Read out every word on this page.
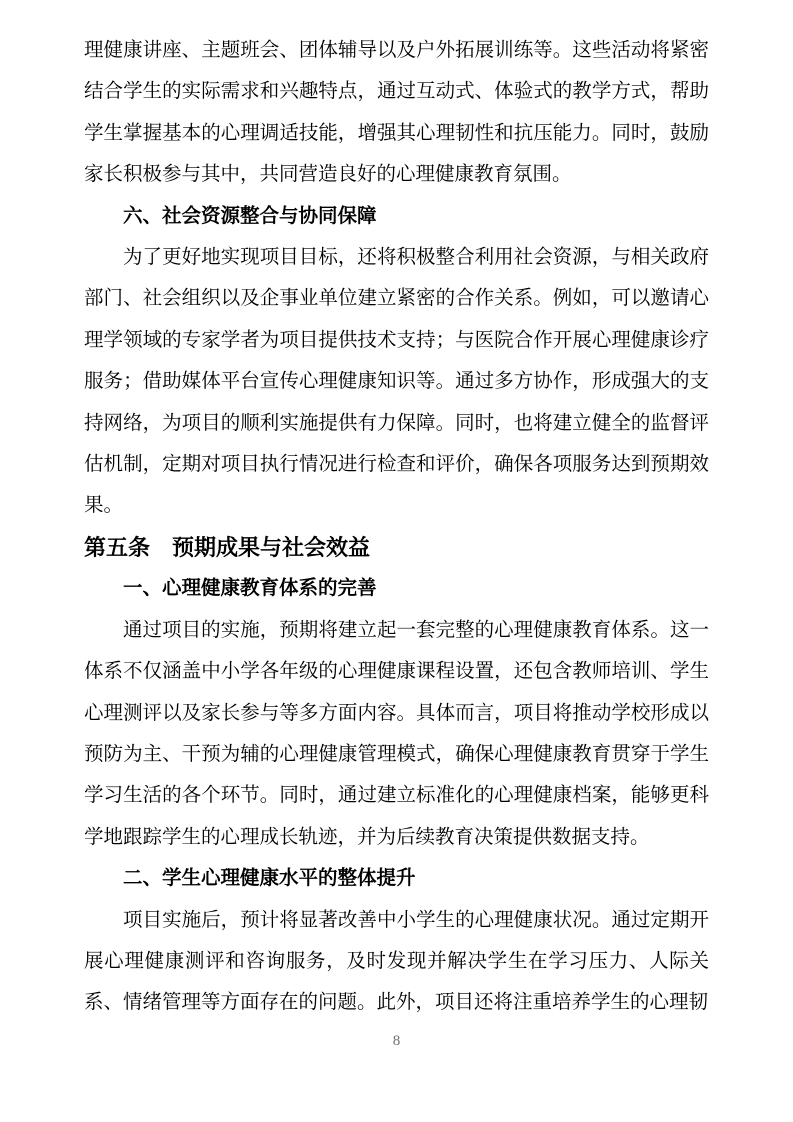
理健康讲座、主题班会、团体辅导以及户外拓展训练等。这些活动将紧密结合学生的实际需求和兴趣特点，通过互动式、体验式的教学方式，帮助学生掌握基本的心理调适技能，增强其心理韧性和抗压能力。同时，鼓励家长积极参与其中，共同营造良好的心理健康教育氛围。

六、社会资源整合与协同保障

为了更好地实现项目目标，还将积极整合利用社会资源，与相关政府部门、社会组织以及企事业单位建立紧密的合作关系。例如，可以邀请心理学领域的专家学者为项目提供技术支持；与医院合作开展心理健康诊疗服务；借助媒体平台宣传心理健康知识等。通过多方协作，形成强大的支持网络，为项目的顺利实施提供有力保障。同时，也将建立健全的监督评估机制，定期对项目执行情况进行检查和评价，确保各项服务达到预期效果。

第五条　预期成果与社会效益
一、心理健康教育体系的完善

通过项目的实施，预期将建立起一套完整的心理健康教育体系。这一体系不仅涵盖中小学各年级的心理健康课程设置，还包含教师培训、学生心理测评以及家长参与等多方面内容。具体而言，项目将推动学校形成以预防为主、干预为辅的心理健康管理模式，确保心理健康教育贯穿于学生学习生活的各个环节。同时，通过建立标准化的心理健康档案，能够更科学地跟踪学生的心理成长轨迹，并为后续教育决策提供数据支持。

二、学生心理健康水平的整体提升

项目实施后，预计将显著改善中小学生的心理健康状况。通过定期开展心理健康测评和咨询服务，及时发现并解决学生在学习压力、人际关系、情绪管理等方面存在的问题。此外，项目还将注重培养学生的心理韧

8
